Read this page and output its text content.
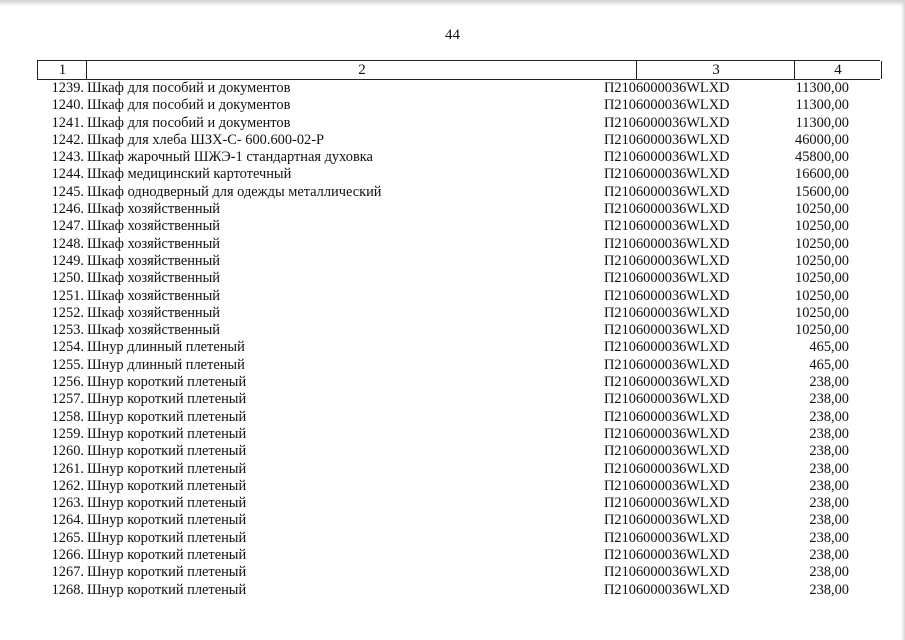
44
1	2	3	4
1239. Шкаф для пособий и документов	П2106000036WLXD	11300,00
1240. Шкаф для пособий и документов	П2106000036WLXD	11300,00
1241. Шкаф для пособий и документов	П2106000036WLXD	11300,00
1242. Шкаф для хлеба ШЗХ-С- 600.600-02-Р	П2106000036WLXD	46000,00
1243. Шкаф жарочный ШЖЭ-1 стандартная духовка	П2106000036WLXD	45800,00
1244. Шкаф медицинский картотечный	П2106000036WLXD	16600,00
1245. Шкаф однодверный для одежды металлический	П2106000036WLXD	15600,00
1246. Шкаф хозяйственный	П2106000036WLXD	10250,00
1247. Шкаф хозяйственный	П2106000036WLXD	10250,00
1248. Шкаф хозяйственный	П2106000036WLXD	10250,00
1249. Шкаф хозяйственный	П2106000036WLXD	10250,00
1250. Шкаф хозяйственный	П2106000036WLXD	10250,00
1251. Шкаф хозяйственный	П2106000036WLXD	10250,00
1252. Шкаф хозяйственный	П2106000036WLXD	10250,00
1253. Шкаф хозяйственный	П2106000036WLXD	10250,00
1254. Шнур длинный плетеный	П2106000036WLXD	465,00
1255. Шнур длинный плетеный	П2106000036WLXD	465,00
1256. Шнур короткий плетеный	П2106000036WLXD	238,00
1257. Шнур короткий плетеный	П2106000036WLXD	238,00
1258. Шнур короткий плетеный	П2106000036WLXD	238,00
1259. Шнур короткий плетеный	П2106000036WLXD	238,00
1260. Шнур короткий плетеный	П2106000036WLXD	238,00
1261. Шнур короткий плетеный	П2106000036WLXD	238,00
1262. Шнур короткий плетеный	П2106000036WLXD	238,00
1263. Шнур короткий плетеный	П2106000036WLXD	238,00
1264. Шнур короткий плетеный	П2106000036WLXD	238,00
1265. Шнур короткий плетеный	П2106000036WLXD	238,00
1266. Шнур короткий плетеный	П2106000036WLXD	238,00
1267. Шнур короткий плетеный	П2106000036WLXD	238,00
1268. Шнур короткий плетеный	П2106000036WLXD	238,00
